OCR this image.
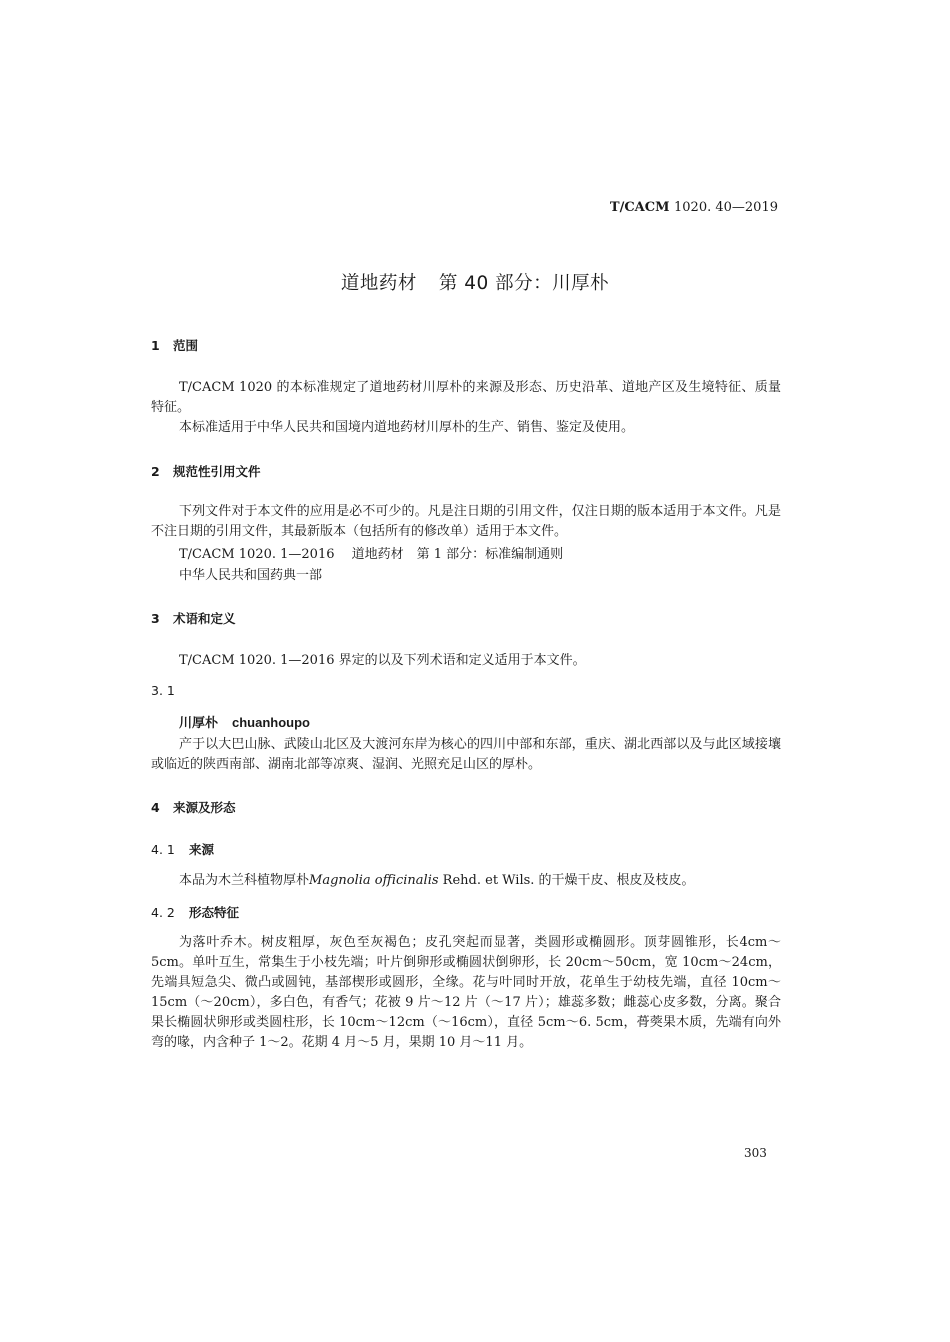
T/CACM 1020. 40—2019
道地药材 第 40 部分：川厚朴
1 范围
T/CACM 1020 的本标准规定了道地药材川厚朴的来源及形态、历史沿革、道地产区及生境特征、质量特征。
本标准适用于中华人民共和国境内道地药材川厚朴的生产、销售、鉴定及使用。
2 规范性引用文件
下列文件对于本文件的应用是必不可少的。凡是注日期的引用文件，仅注日期的版本适用于本文件。凡是不注日期的引用文件，其最新版本（包括所有的修改单）适用于本文件。
T/CACM 1020. 1—2016　 道地药材　第 1 部分：标准编制通则
中华人民共和国药典一部
3 术语和定义
T/CACM 1020. 1—2016 界定的以及下列术语和定义适用于本文件。
3. 1
川厚朴 chuanhoupo
产于以大巴山脉、武陵山北区及大渡河东岸为核心的四川中部和东部，重庆、湖北西部以及与此区域接壤或临近的陕西南部、湖南北部等凉爽、湿润、光照充足山区的厚朴。
4 来源及形态
4. 1 来源
本品为木兰科植物厚朴Magnolia officinalis Rehd. et Wils. 的干燥干皮、根皮及枝皮。
4. 2 形态特征
为落叶乔木。树皮粗厚，灰色至灰褐色；皮孔突起而显著，类圆形或椭圆形。顶芽圆锥形，长4cm～5cm。单叶互生，常集生于小枝先端；叶片倒卵形或椭圆状倒卵形，长 20cm～50cm，宽 10cm～24cm，先端具短急尖、微凸或圆钝，基部楔形或圆形，全缘。花与叶同时开放，花单生于幼枝先端，直径 10cm～15cm（～20cm），多白色，有香气；花被 9 片～12 片（～17 片）；雄蕊多数；雌蕊心皮多数，分离。聚合果长椭圆状卵形或类圆柱形，长 10cm～12cm（～16cm），直径 5cm～6. 5cm，蓇葖果木质，先端有向外弯的喙，内含种子 1～2。花期 4 月～5 月，果期 10 月～11 月。
303
